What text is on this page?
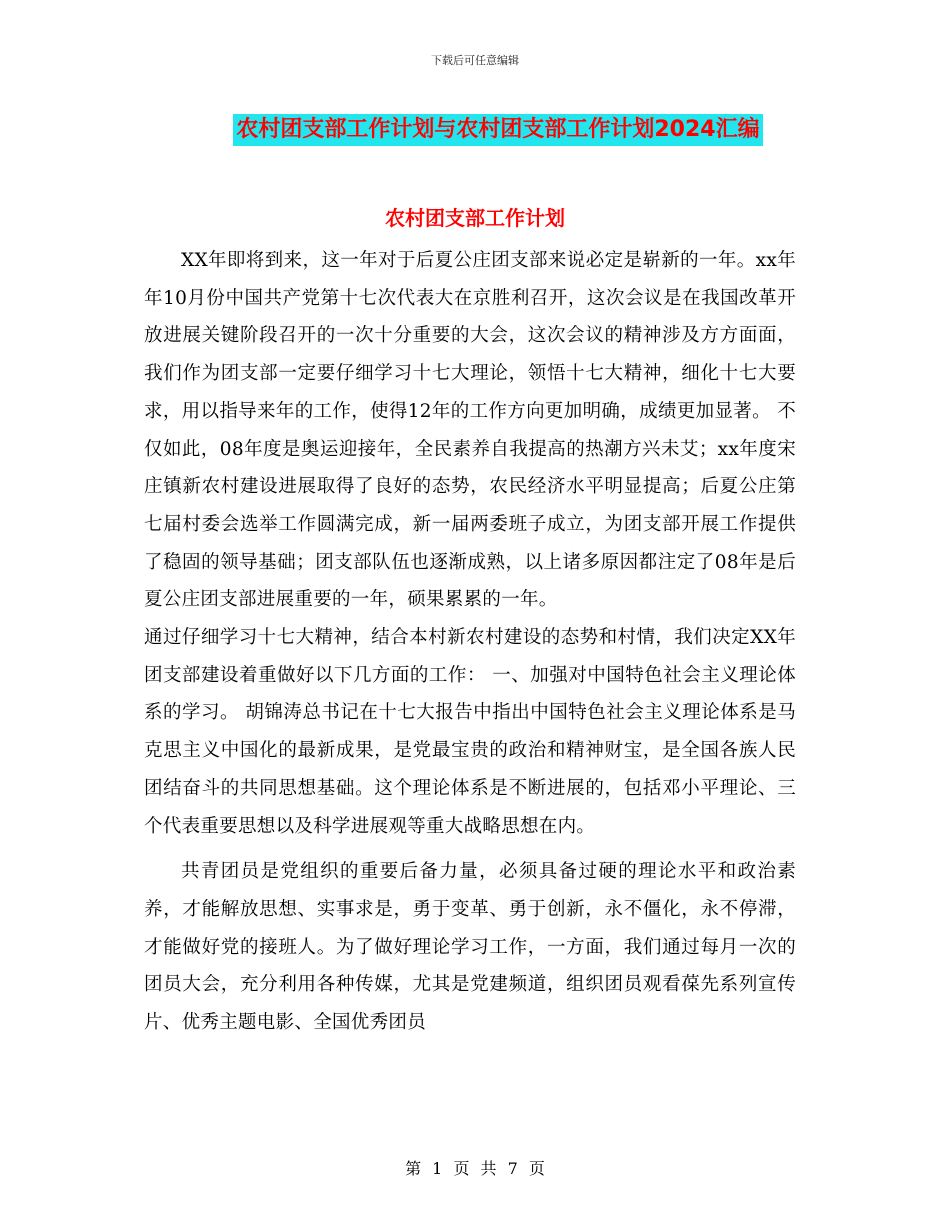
下载后可任意编辑
农村团支部工作计划与农村团支部工作计划2024汇编
农村团支部工作计划

XX年即将到来，这一年对于后夏公庄团支部来说必定是崭新的一年。xx年年10月份中国共产党第十七次代表大在京胜利召开，这次会议是在我国改革开放进展关键阶段召开的一次十分重要的大会，这次会议的精神涉及方方面面，我们作为团支部一定要仔细学习十七大理论，领悟十七大精神，细化十七大要求，用以指导来年的工作，使得12年的工作方向更加明确，成绩更加显著。 不仅如此，08年度是奥运迎接年，全民素养自我提高的热潮方兴未艾；xx年度宋庄镇新农村建设进展取得了良好的态势，农民经济水平明显提高；后夏公庄第七届村委会选举工作圆满完成，新一届两委班子成立，为团支部开展工作提供了稳固的领导基础；团支部队伍也逐渐成熟，以上诸多原因都注定了08年是后夏公庄团支部进展重要的一年，硕果累累的一年。

通过仔细学习十七大精神，结合本村新农村建设的态势和村情，我们决定XX年团支部建设着重做好以下几方面的工作： 一、加强对中国特色社会主义理论体系的学习。 胡锦涛总书记在十七大报告中指出中国特色社会主义理论体系是马克思主义中国化的最新成果，是党最宝贵的政治和精神财宝，是全国各族人民团结奋斗的共同思想基础。这个理论体系是不断进展的，包括邓小平理论、三个代表重要思想以及科学进展观等重大战略思想在内。

共青团员是党组织的重要后备力量，必须具备过硬的理论水平和政治素养，才能解放思想、实事求是，勇于变革、勇于创新，永不僵化，永不停滞，才能做好党的接班人。为了做好理论学习工作，一方面，我们通过每月一次的团员大会，充分利用各种传媒，尤其是党建频道，组织团员观看葆先系列宣传片、优秀主题电影、全国优秀团员

第 1 页 共 7 页
